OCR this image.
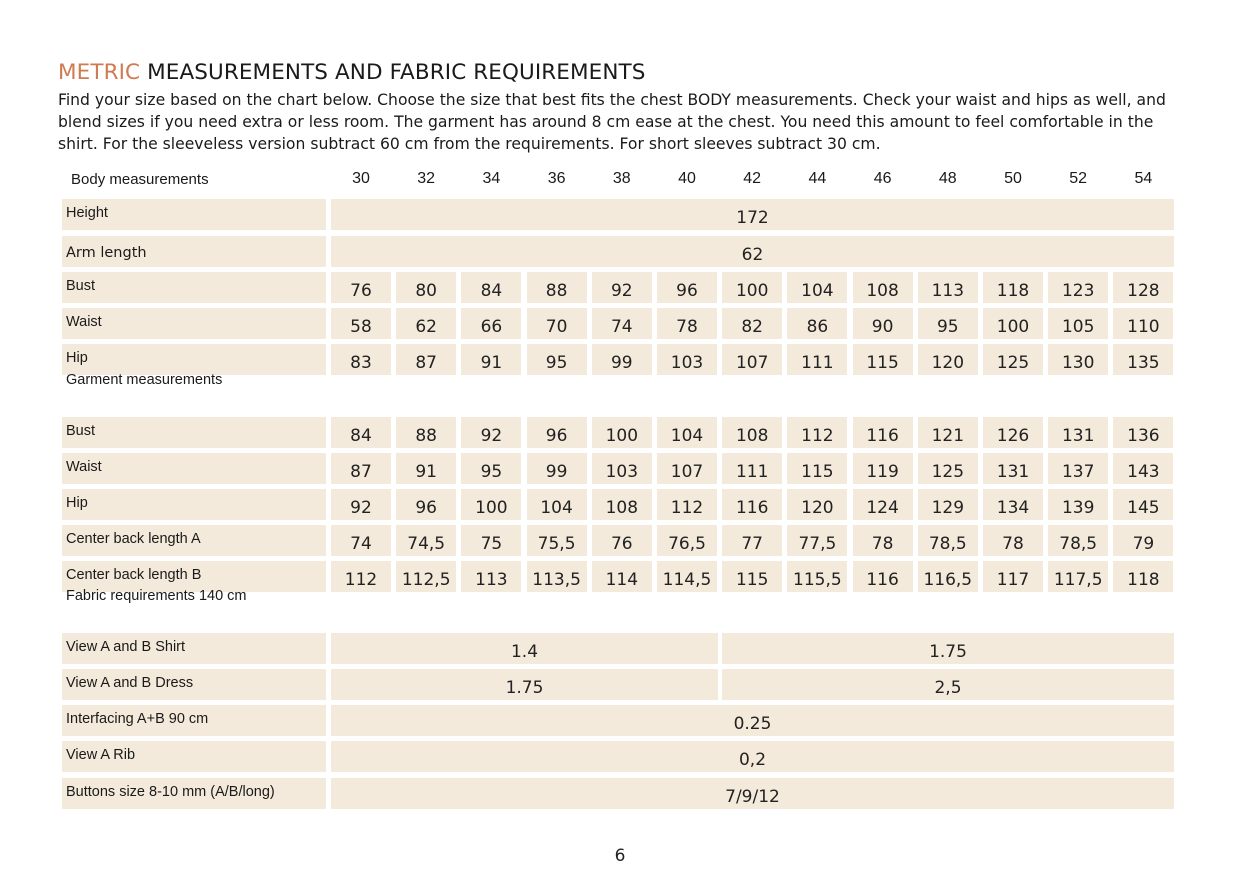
METRIC MEASUREMENTS AND FABRIC REQUIREMENTS
Find your size based on the chart below. Choose the size that best fits the chest BODY measurements. Check your waist and hips as well, and blend sizes if you need extra or less room. The garment has around 8 cm ease at the chest. You need this amount to feel comfortable in the shirt. For the sleeveless version subtract 60 cm from the requirements. For short sleeves subtract 30 cm.
Body measurements	30	32	34	36	38	40	42	44	46	48	50	52	54
Height	172
Arm length	62
Bust	76	80	84	88	92	96	100	104	108	113	118	123	128
Waist	58	62	66	70	74	78	82	86	90	95	100	105	110
Hip	83	87	91	95	99	103	107	111	115	120	125	130	135
Garment measurements
Bust	84	88	92	96	100	104	108	112	116	121	126	131	136
Waist	87	91	95	99	103	107	111	115	119	125	131	137	143
Hip	92	96	100	104	108	112	116	120	124	129	134	139	145
Center back length A	74	74,5	75	75,5	76	76,5	77	77,5	78	78,5	78	78,5	79
Center back length B	112	112,5	113	113,5	114	114,5	115	115,5	116	116,5	117	117,5	118
Fabric requirements 140 cm
View A and B Shirt	1.4	1.75
View A and B Dress	1.75	2,5
Interfacing A+B 90 cm	0.25
View A Rib	0,2
Buttons size 8-10 mm (A/B/long)	7/9/12
6
